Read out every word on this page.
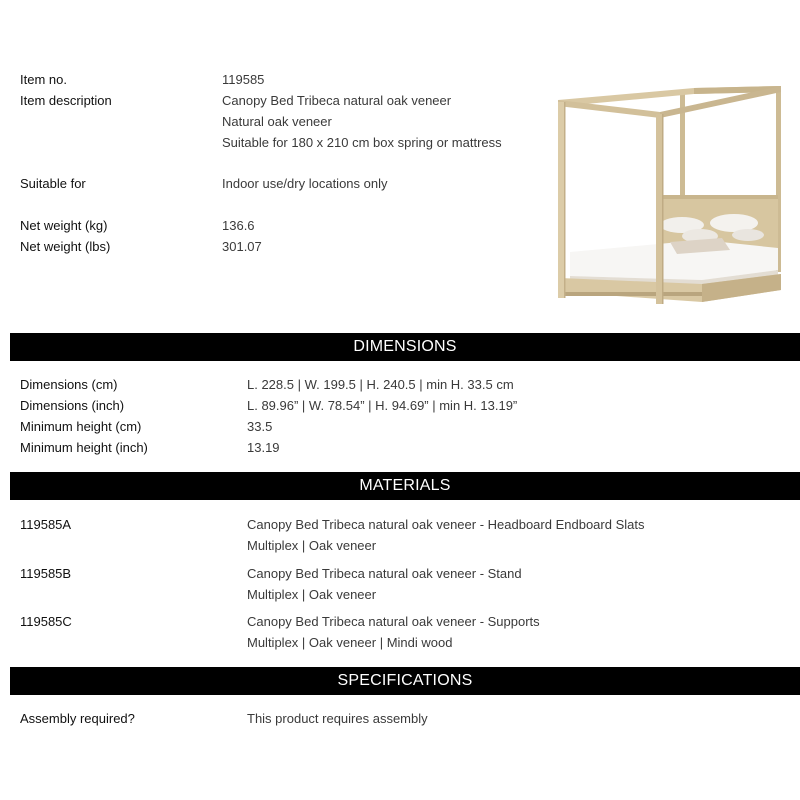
Item no.	119585
Item description	Canopy Bed Tribeca natural oak veneer
Natural oak veneer
Suitable for 180 x 210 cm box spring or mattress
Suitable for	Indoor use/dry locations only
Net weight (kg)	136.6
Net weight (lbs)	301.07
DIMENSIONS
Dimensions (cm)	L. 228.5 | W. 199.5 | H. 240.5 | min H. 33.5 cm
Dimensions (inch)	L. 89.96” | W. 78.54” | H. 94.69” | min H. 13.19”
Minimum height (cm)	33.5
Minimum height (inch)	13.19
MATERIALS
119585A	Canopy Bed Tribeca natural oak veneer - Headboard Endboard Slats
Multiplex | Oak veneer
119585B	Canopy Bed Tribeca natural oak veneer - Stand
Multiplex | Oak veneer
119585C	Canopy Bed Tribeca natural oak veneer - Supports
Multiplex | Oak veneer | Mindi wood
SPECIFICATIONS
Assembly required?	This product requires assembly
